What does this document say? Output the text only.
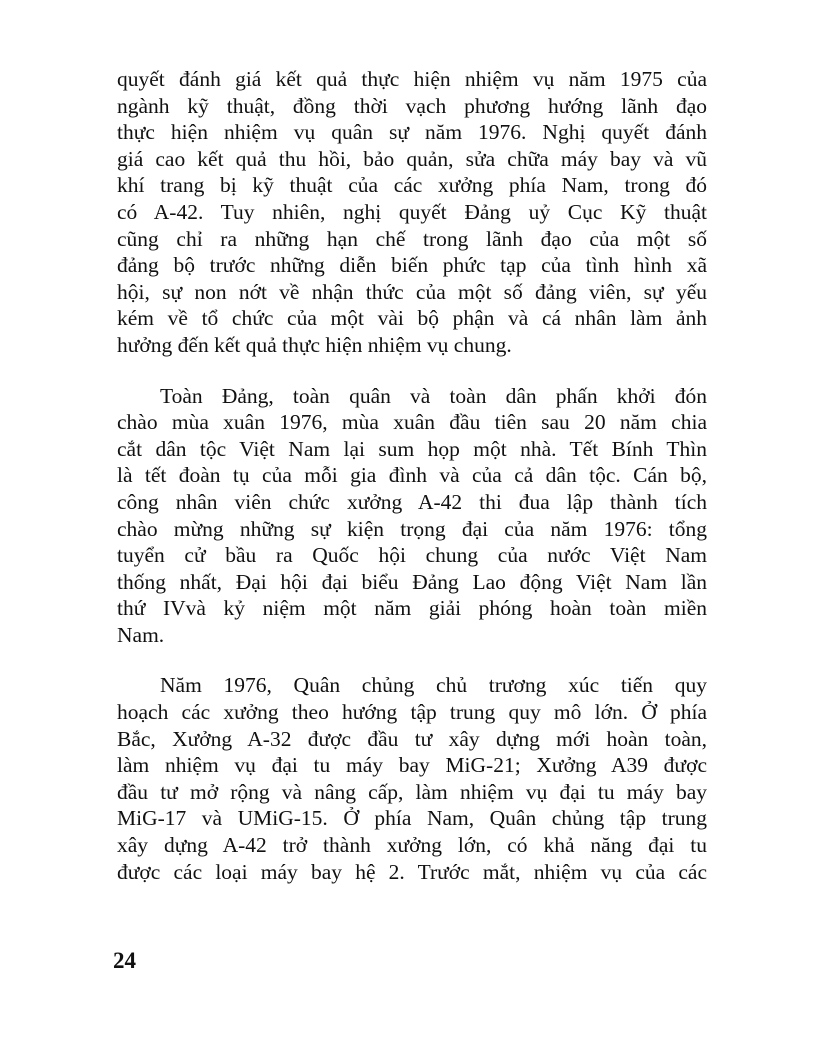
quyết đánh giá kết quả thực hiện nhiệm vụ năm 1975 của
ngành kỹ thuật, đồng thời vạch phương hướng lãnh đạo
thực hiện nhiệm vụ quân sự năm 1976. Nghị quyết đánh
giá cao kết quả thu hồi, bảo quản, sửa chữa máy bay và vũ
khí trang bị kỹ thuật của các xưởng phía Nam, trong đó
có A-42. Tuy nhiên, nghị quyết Đảng uỷ Cục Kỹ thuật
cũng chỉ ra những hạn chế trong lãnh đạo của một số
đảng bộ trước những diễn biến phức tạp của tình hình xã
hội, sự non nớt về nhận thức của một số đảng viên, sự yếu
kém về tổ chức của một vài bộ phận và cá nhân làm ảnh
hưởng đến kết quả thực hiện nhiệm vụ chung.
Toàn Đảng, toàn quân và toàn dân phấn khởi đón
chào mùa xuân 1976, mùa xuân đầu tiên sau 20 năm chia
cắt dân tộc Việt Nam lại sum họp một nhà. Tết Bính Thìn
là tết đoàn tụ của mỗi gia đình và của cả dân tộc. Cán bộ,
công nhân viên chức xưởng A-42 thi đua lập thành tích
chào mừng những sự kiện trọng đại của năm 1976: tổng
tuyển cử bầu ra Quốc hội chung của nước Việt Nam
thống nhất, Đại hội đại biểu Đảng Lao động Việt Nam lần
thứ IVvà kỷ niệm một năm giải phóng hoàn toàn miền
Nam.
Năm 1976, Quân chủng chủ trương xúc tiến quy
hoạch các xưởng theo hướng tập trung quy mô lớn. Ở phía
Bắc, Xưởng A-32 được đầu tư xây dựng mới hoàn toàn,
làm nhiệm vụ đại tu máy bay MiG-21; Xưởng A39 được
đầu tư mở rộng và nâng cấp, làm nhiệm vụ đại tu máy bay
MiG-17 và UMiG-15. Ở phía Nam, Quân chủng tập trung
xây dựng A-42 trở thành xưởng lớn, có khả năng đại tu
được các loại máy bay hệ 2. Trước mắt, nhiệm vụ của các
24
